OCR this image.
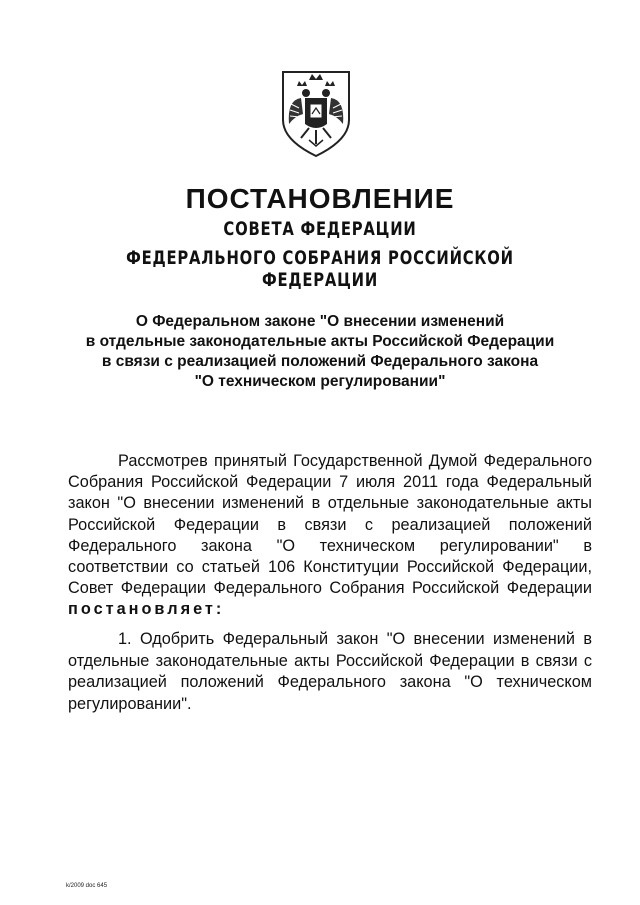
ПОСТАНОВЛЕНИЕ
СОВЕТА ФЕДЕРАЦИИ
ФЕДЕРАЛЬНОГО СОБРАНИЯ РОССИЙСКОЙ ФЕДЕРАЦИИ
О Федеральном законе "О внесении изменений
в отдельные законодательные акты Российской Федерации
в связи с реализацией положений Федерального закона
"О техническом регулировании"

Рассмотрев принятый Государственной Думой Федерального Собрания Российской Федерации 7 июля 2011 года Федеральный закон "О внесении изменений в отдельные законодательные акты Российской Федерации в связи с реализацией положений Федерального закона "О техническом регулировании" в соответствии со статьей 106 Конституции Российской Федерации, Совет Федерации Федерального Собрания Российской Федерации постановляет:

1. Одобрить Федеральный закон "О внесении изменений в отдельные законодательные акты Российской Федерации в связи с реализацией положений Федерального закона "О техническом регулировании".

k/2009 doc 645
